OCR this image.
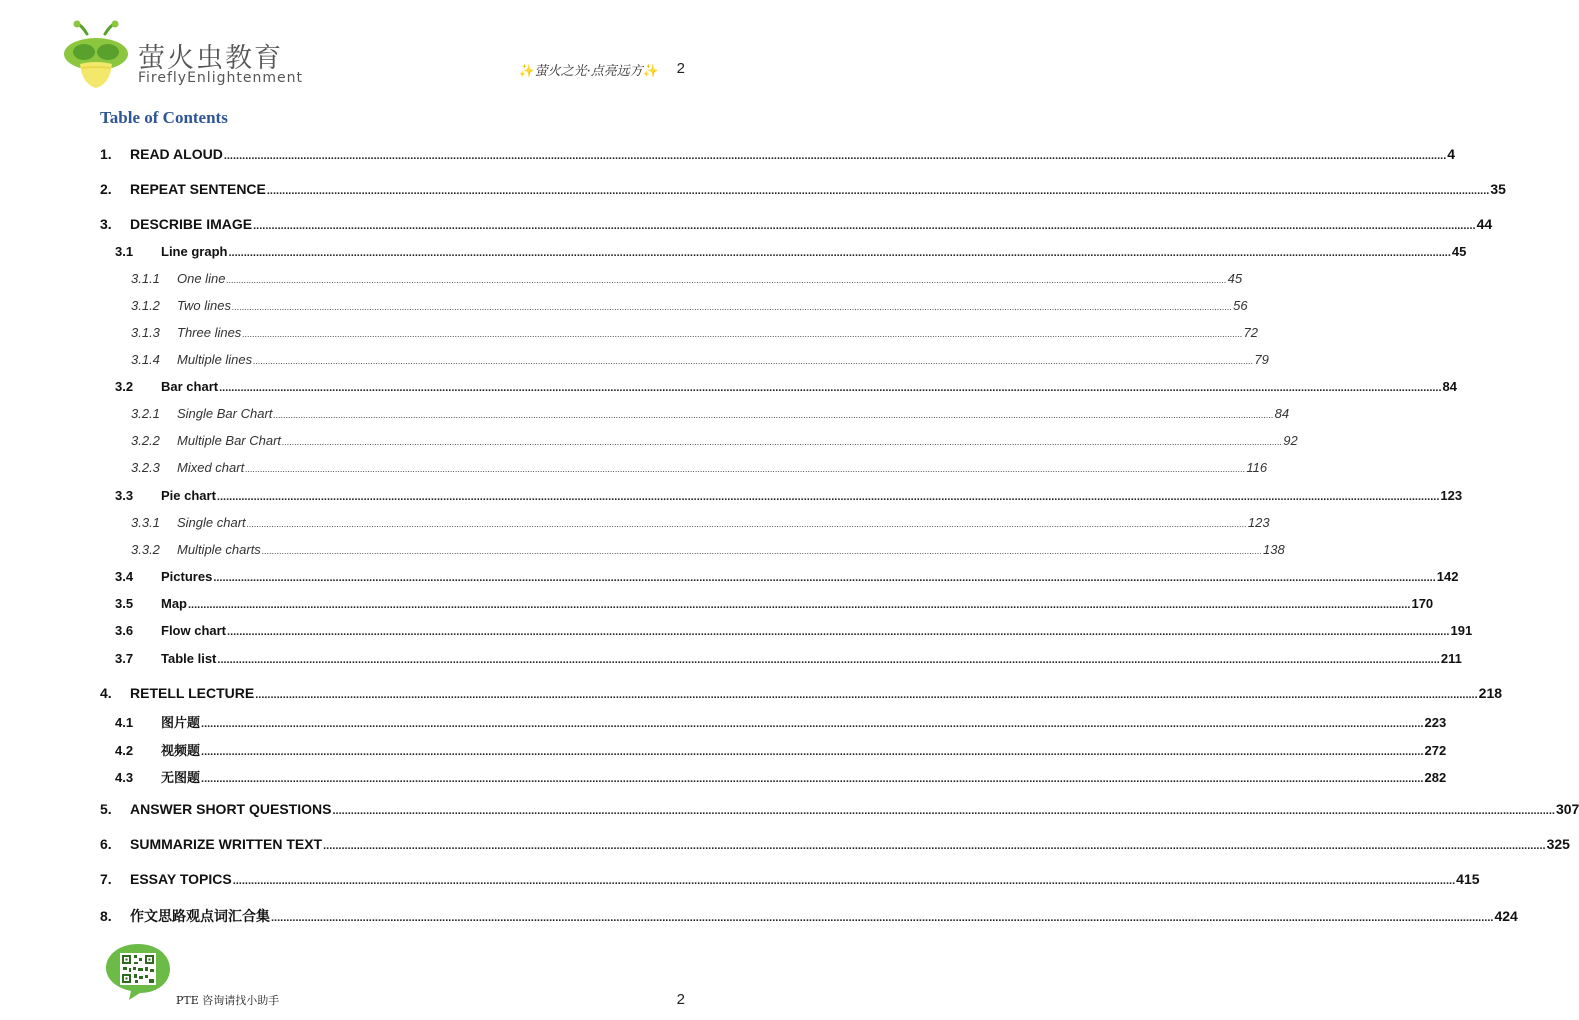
萤火虫教育
FireflyEnlightenment	✨萤火之光·点亮远方✨ 2
Table of Contents
1.	READ ALOUD ................................................................................................................................................................................................................................................................................................................................................................................................................ 4
2.	REPEAT SENTENCE ................................................................................................................................................................................................................................................................................................................................................................................................................ 35
3.	DESCRIBE IMAGE ................................................................................................................................................................................................................................................................................................................................................................................................................ 44
3.1	Line graph ................................................................................................................................................................................................................................................................................................................................................................................................................ 45
3.1.1	One line ................................................................................................................................................................................................................................................................................................................................................................................................................ 45
3.1.2	Two lines ................................................................................................................................................................................................................................................................................................................................................................................................................ 56
3.1.3	Three lines ................................................................................................................................................................................................................................................................................................................................................................................................................ 72
3.1.4	Multiple lines ................................................................................................................................................................................................................................................................................................................................................................................................................ 79
3.2	Bar chart ................................................................................................................................................................................................................................................................................................................................................................................................................ 84
3.2.1	Single Bar Chart ................................................................................................................................................................................................................................................................................................................................................................................................................ 84
3.2.2	Multiple Bar Chart ................................................................................................................................................................................................................................................................................................................................................................................................................ 92
3.2.3	Mixed chart ................................................................................................................................................................................................................................................................................................................................................................................................................ 116
3.3	Pie chart ................................................................................................................................................................................................................................................................................................................................................................................................................ 123
3.3.1	Single chart ................................................................................................................................................................................................................................................................................................................................................................................................................ 123
3.3.2	Multiple charts ................................................................................................................................................................................................................................................................................................................................................................................................................ 138
3.4	Pictures ................................................................................................................................................................................................................................................................................................................................................................................................................ 142
3.5	Map ................................................................................................................................................................................................................................................................................................................................................................................................................ 170
3.6	Flow chart ................................................................................................................................................................................................................................................................................................................................................................................................................ 191
3.7	Table list ................................................................................................................................................................................................................................................................................................................................................................................................................ 211
4.	RETELL LECTURE ................................................................................................................................................................................................................................................................................................................................................................................................................ 218
4.1	图片题 ................................................................................................................................................................................................................................................................................................................................................................................................................ 223
4.2	视频题 ................................................................................................................................................................................................................................................................................................................................................................................................................ 272
4.3	无图题 ................................................................................................................................................................................................................................................................................................................................................................................................................ 282
5.	ANSWER SHORT QUESTIONS ................................................................................................................................................................................................................................................................................................................................................................................................................ 307
6.	SUMMARIZE WRITTEN TEXT ................................................................................................................................................................................................................................................................................................................................................................................................................ 325
7.	ESSAY TOPICS ................................................................................................................................................................................................................................................................................................................................................................................................................ 415
8.	作文思路观点词汇合集 ................................................................................................................................................................................................................................................................................................................................................................................................................ 424
PTE 咨询请找小助手	2
